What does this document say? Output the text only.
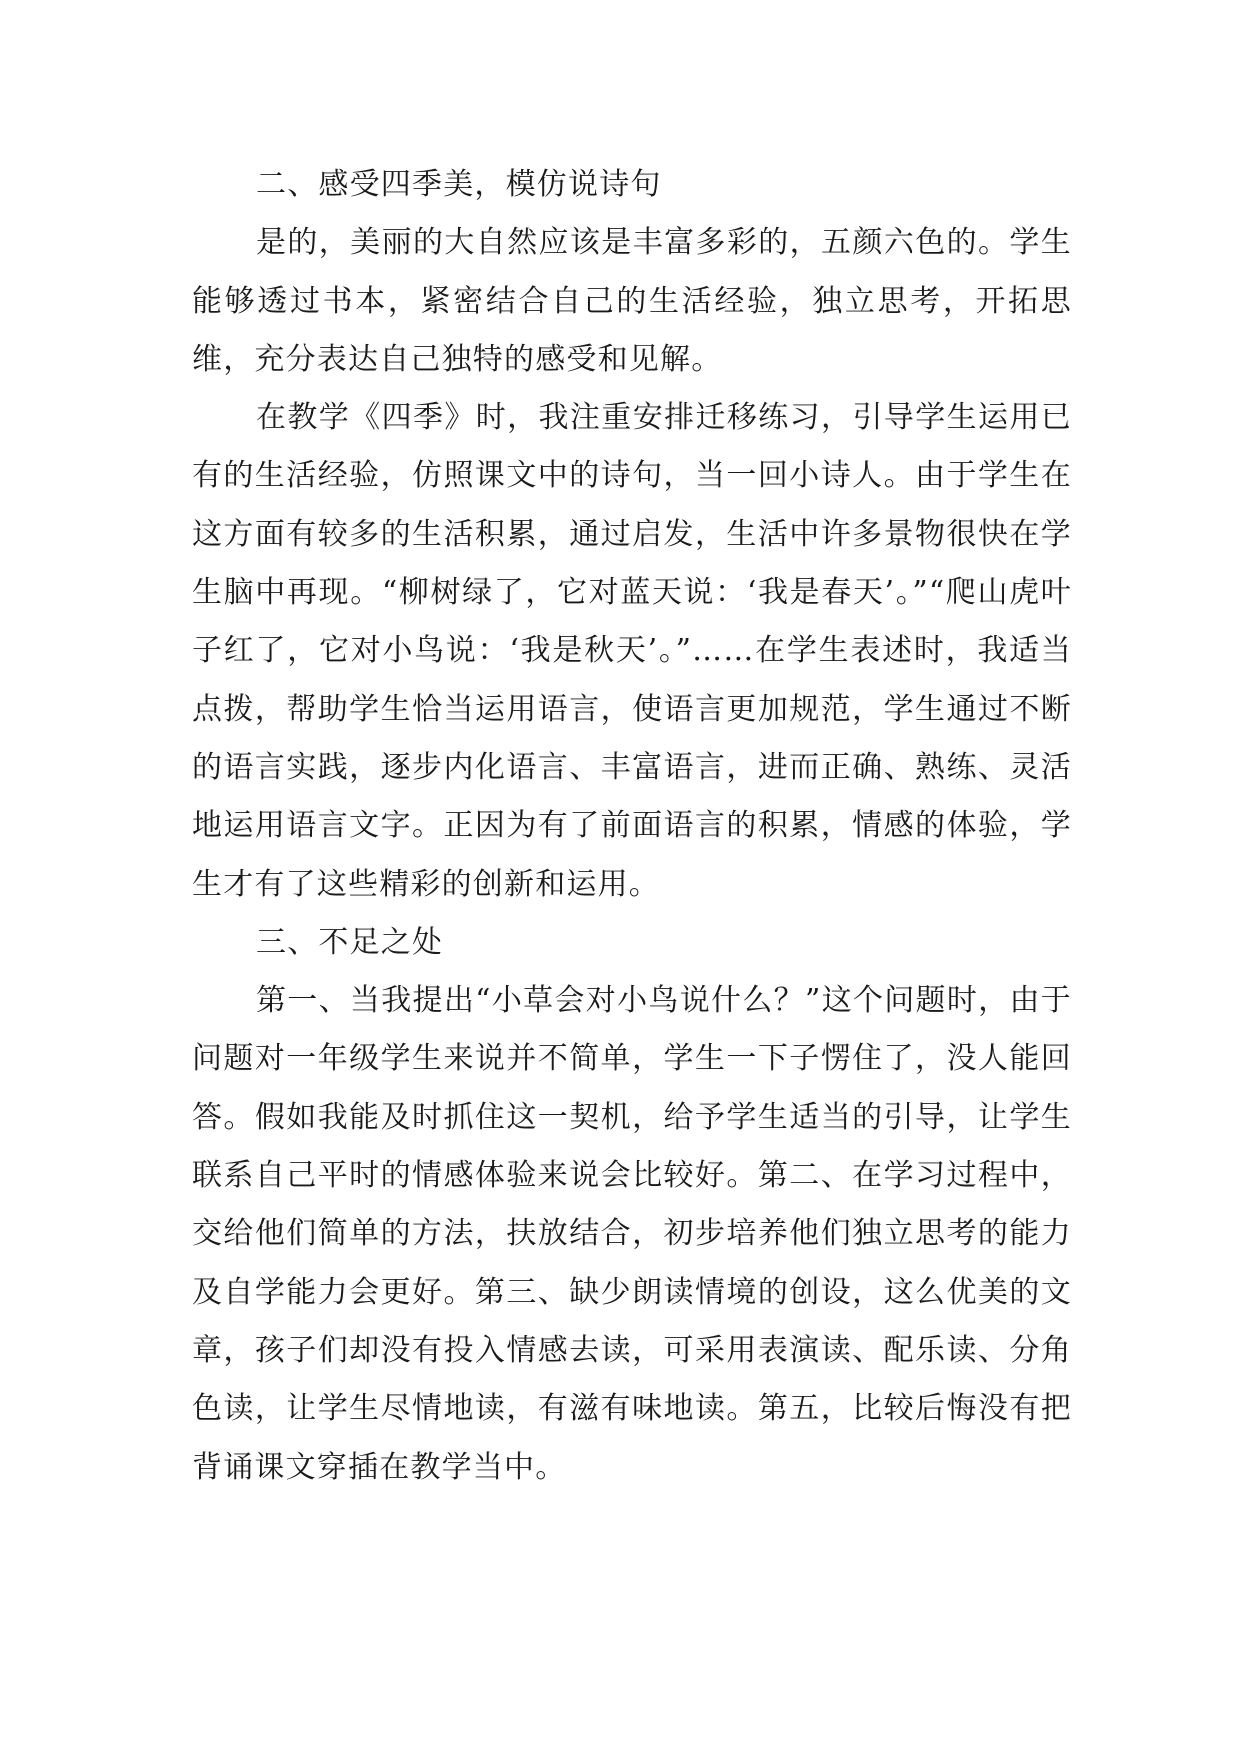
二、感受四季美，模仿说诗句

是的，美丽的大自然应该是丰富多彩的，五颜六色的。学生能够透过书本，紧密结合自己的生活经验，独立思考，开拓思维，充分表达自己独特的感受和见解。

在教学《四季》时，我注重安排迁移练习，引导学生运用已有的生活经验，仿照课文中的诗句，当一回小诗人。由于学生在这方面有较多的生活积累，通过启发，生活中许多景物很快在学生脑中再现。“柳树绿了，它对蓝天说：‘我是春天’。”“爬山虎叶子红了，它对小鸟说：‘我是秋天’。”……在学生表述时，我适当点拨，帮助学生恰当运用语言，使语言更加规范，学生通过不断的语言实践，逐步内化语言、丰富语言，进而正确、熟练、灵活地运用语言文字。正因为有了前面语言的积累，情感的体验，学生才有了这些精彩的创新和运用。

三、不足之处

第一、当我提出“小草会对小鸟说什么？”这个问题时，由于问题对一年级学生来说并不简单，学生一下子愣住了，没人能回答。假如我能及时抓住这一契机，给予学生适当的引导，让学生联系自己平时的情感体验来说会比较好。第二、在学习过程中，交给他们简单的方法，扶放结合，初步培养他们独立思考的能力及自学能力会更好。第三、缺少朗读情境的创设，这么优美的文章，孩子们却没有投入情感去读，可采用表演读、配乐读、分角色读，让学生尽情地读，有滋有味地读。第五，比较后悔没有把背诵课文穿插在教学当中。
